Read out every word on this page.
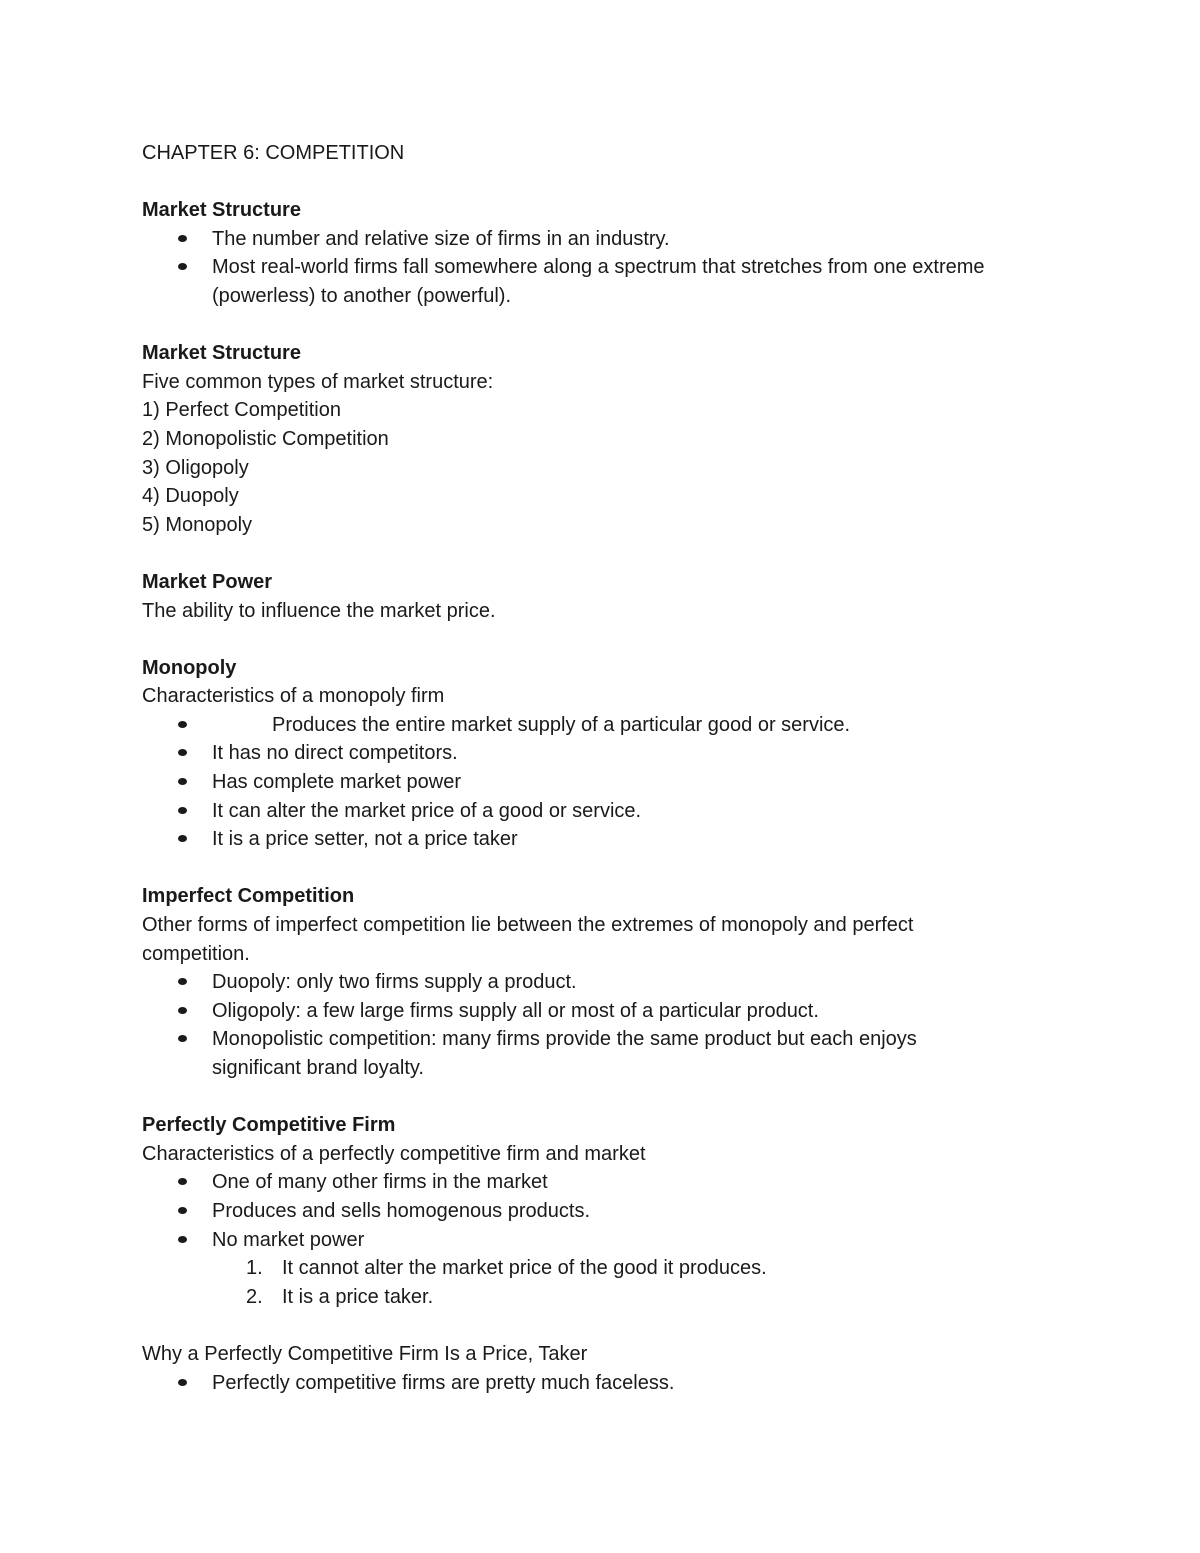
CHAPTER 6: COMPETITION

Market Structure

The number and relative size of firms in an industry.
Most real-world firms fall somewhere along a spectrum that stretches from one extreme
(powerless) to another (powerful).

Market Structure

Five common types of market structure:

1) Perfect Competition

2) Monopolistic Competition

3) Oligopoly

4) Duopoly

5) Monopoly

Market Power

The ability to influence the market price.

Monopoly

Characteristics of a monopoly firm

Produces the entire market supply of a particular good or service.
It has no direct competitors.
Has complete market power
It can alter the market price of a good or service.
It is a price setter, not a price taker

Imperfect Competition

Other forms of imperfect competition lie between the extremes of monopoly and perfect

competition.

Duopoly: only two firms supply a product.
Oligopoly: a few large firms supply all or most of a particular product.
Monopolistic competition: many firms provide the same product but each enjoys
significant brand loyalty.

Perfectly Competitive Firm

Characteristics of a perfectly competitive firm and market

One of many other firms in the market
Produces and sells homogenous products.
No market power
1. It cannot alter the market price of the good it produces.
2. It is a price taker.

Why a Perfectly Competitive Firm Is a Price, Taker

Perfectly competitive firms are pretty much faceless.
